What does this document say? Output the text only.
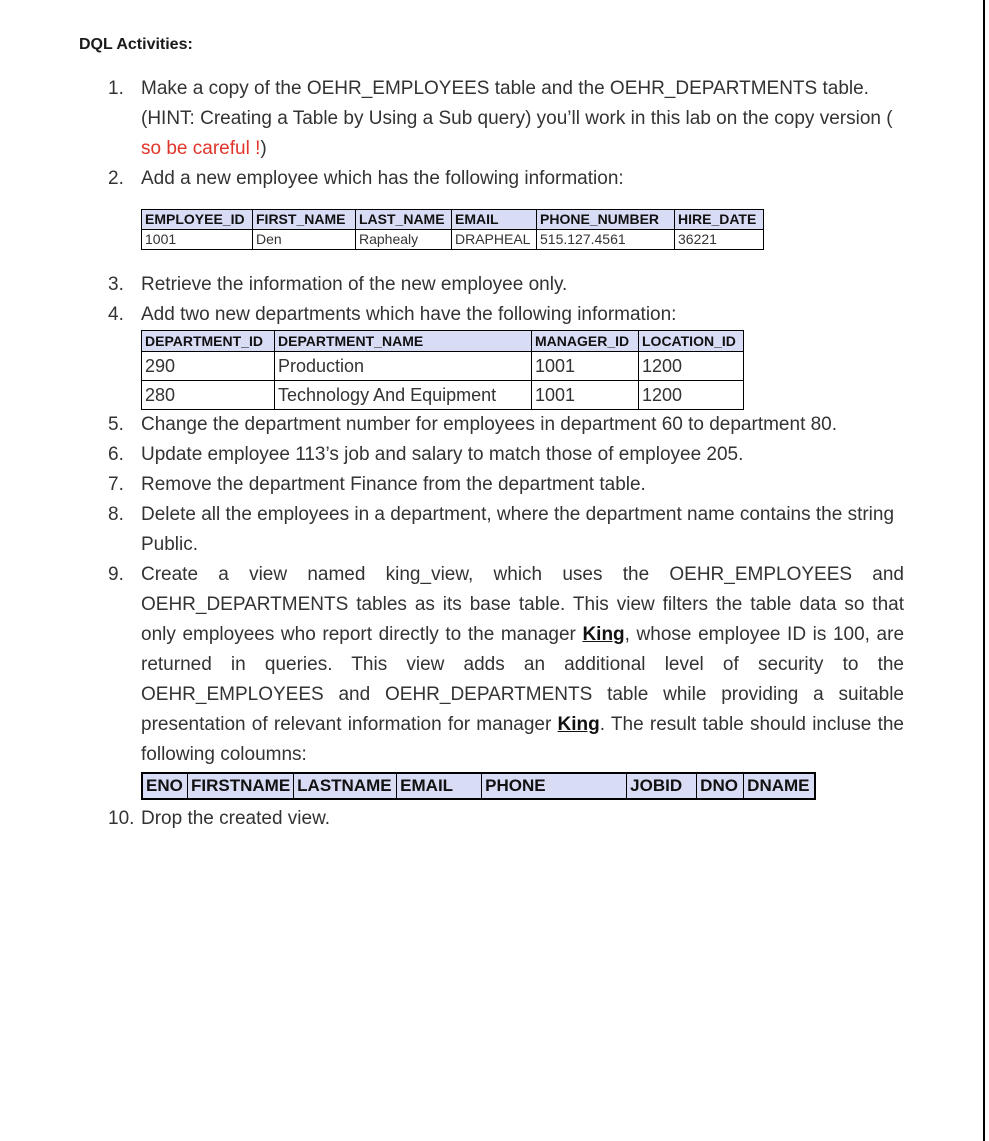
DQL Activities:
1. Make a copy of the OEHR_EMPLOYEES table and the OEHR_DEPARTMENTS table. (HINT: Creating a Table by Using a Sub query) you’ll work in this lab on the copy version ( so be careful !)
2. Add a new employee which has the following information:
EMPLOYEE_ID	FIRST_NAME	LAST_NAME	EMAIL	PHONE_NUMBER	HIRE_DATE
1001	Den	Raphealy	DRAPHEAL	515.127.4561	36221
3. Retrieve the information of the new employee only.
4. Add two new departments which have the following information:
DEPARTMENT_ID	DEPARTMENT_NAME	MANAGER_ID	LOCATION_ID
290	Production	1001	1200
280	Technology And Equipment	1001	1200
5. Change the department number for employees in department 60 to department 80.
6. Update employee 113’s job and salary to match those of employee 205.
7. Remove the department Finance from the department table.
8. Delete all the employees in a department, where the department name contains the string Public.
9. Create a view named king_view, which uses the OEHR_EMPLOYEES and OEHR_DEPARTMENTS tables as its base table. This view filters the table data so that only employees who report directly to the manager King, whose employee ID is 100, are returned in queries. This view adds an additional level of security to the OEHR_EMPLOYEES and OEHR_DEPARTMENTS table while providing a suitable presentation of relevant information for manager King. The result table should incluse the following coloumns:
ENO	FIRSTNAME	LASTNAME	EMAIL	PHONE	JOBID	DNO	DNAME
10. Drop the created view.
